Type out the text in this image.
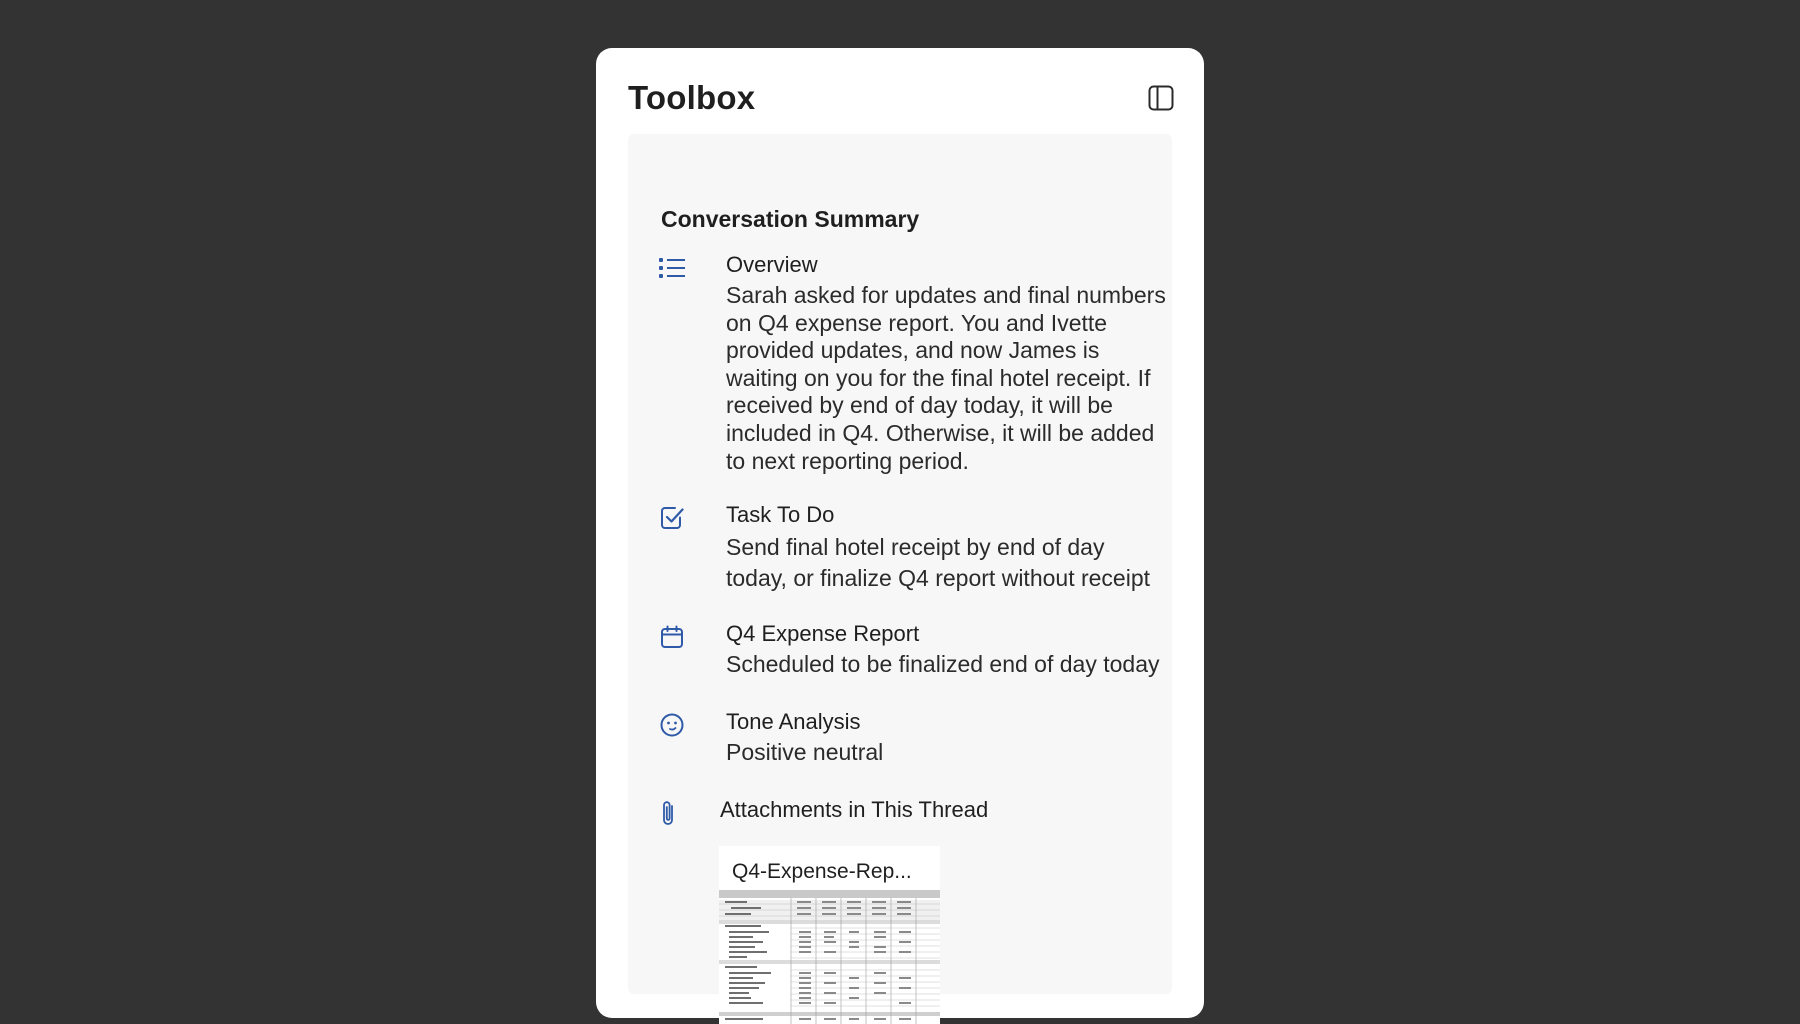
Toolbox
Conversation Summary
Overview
Sarah asked for updates and final numbers on Q4 expense report. You and Ivette provided updates, and now James is waiting on you for the final hotel receipt. If received by end of day today, it will be included in Q4. Otherwise, it will be added to next reporting period.
Task To Do
Send final hotel receipt by end of day today, or finalize Q4 report without receipt
Q4 Expense Report
Scheduled to be finalized end of day today
Tone Analysis
Positive neutral
Attachments in This Thread
Q4-Expense-Rep...
